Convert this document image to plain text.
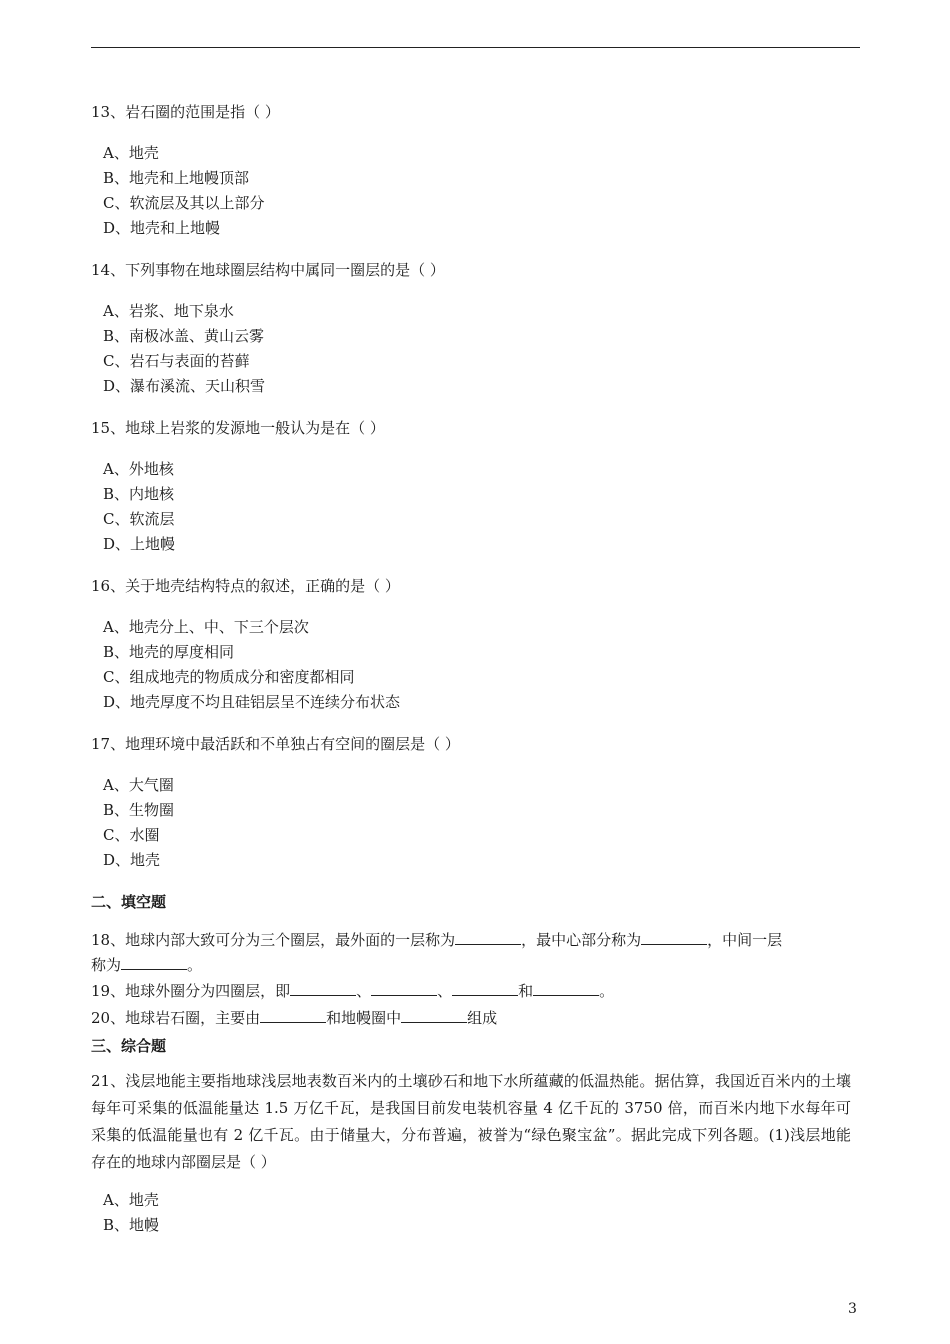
13、岩石圈的范围是指（ ）
A、地壳
B、地壳和上地幔顶部
C、软流层及其以上部分
D、地壳和上地幔
14、下列事物在地球圈层结构中属同一圈层的是（ ）
A、岩浆、地下泉水
B、南极冰盖、黄山云雾
C、岩石与表面的苔藓
D、瀑布溪流、天山积雪
15、地球上岩浆的发源地一般认为是在（ ）
A、外地核
B、内地核
C、软流层
D、上地幔
16、关于地壳结构特点的叙述，正确的是（ ）
A、地壳分上、中、下三个层次
B、地壳的厚度相同
C、组成地壳的物质成分和密度都相同
D、地壳厚度不均且硅铝层呈不连续分布状态
17、地理环境中最活跃和不单独占有空间的圈层是（ ）
A、大气圈
B、生物圈
C、水圈
D、地壳
二、填空题
18、地球内部大致可分为三个圈层，最外面的一层称为	，最中心部分称为	，中间一层
称为	。
19、地球外圈分为四圈层，即	、	、	和	。
20、地球岩石圈，主要由	和地幔圈中	组成
三、综合题
21、浅层地能主要指地球浅层地表数百米内的土壤砂石和地下水所蕴藏的低温热能。据估算，我国近百米内的土壤每年可采集的低温能量达 1.5 万亿千瓦，是我国目前发电装机容量 4 亿千瓦的 3750 倍，而百米内地下水每年可采集的低温能量也有 2 亿千瓦。由于储量大，分布普遍，被誉为“绿色聚宝盆”。据此完成下列各题。(1)浅层地能存在的地球内部圈层是（ ）
A、地壳
B、地幔
3
